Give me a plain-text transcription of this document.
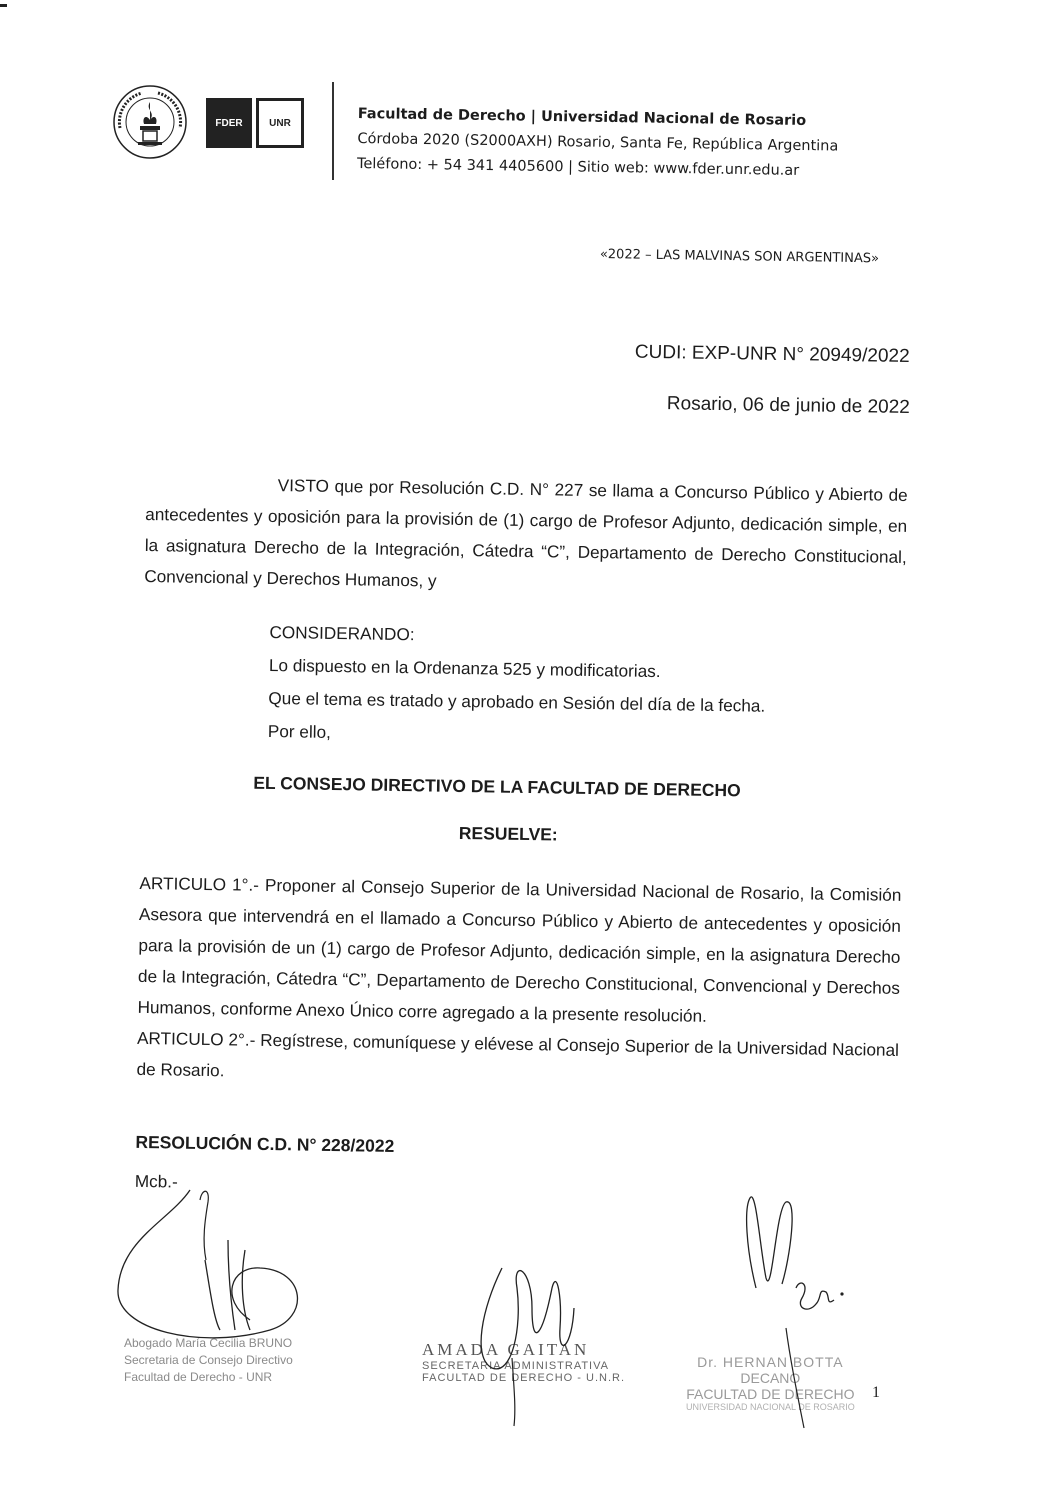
FDER	UNR	Facultad de Derecho | Universidad Nacional de Rosario
Córdoba 2020 (S2000AXH) Rosario, Santa Fe, República Argentina
Teléfono: + 54 341 4405600 | Sitio web: www.fder.unr.edu.ar
«2022 – LAS MALVINAS SON ARGENTINAS»
CUDI: EXP-UNR N° 20949/2022
Rosario, 06 de junio de 2022

VISTO que por Resolución C.D. N° 227 se llama a Concurso Público y Abierto de antecedentes y oposición para la provisión de (1) cargo de Profesor Adjunto, dedicación simple, en la asignatura Derecho de la Integración, Cátedra “C”, Departamento de Derecho Constitucional, Convencional y Derechos Humanos, y

CONSIDERANDO:

Lo dispuesto en la Ordenanza 525 y modificatorias.

Que el tema es tratado y aprobado en Sesión del día de la fecha.

Por ello,

EL CONSEJO DIRECTIVO DE LA FACULTAD DE DERECHO

RESUELVE:

ARTICULO 1°.- Proponer al Consejo Superior de la Universidad Nacional de Rosario, la Comisión Asesora que intervendrá en el llamado a Concurso Público y Abierto de antecedentes y oposición para la provisión de un (1) cargo de Profesor Adjunto, dedicación simple, en la asignatura Derecho de la Integración, Cátedra “C”, Departamento de Derecho Constitucional, Convencional y Derechos Humanos, conforme Anexo Único corre agregado a la presente resolución.

ARTICULO 2°.- Regístrese, comuníquese y elévese al Consejo Superior de la Universidad Nacional de Rosario.

RESOLUCIÓN C.D. N° 228/2022

Mcb.-

Abogado María Cecilia BRUNO
Secretaria de Consejo Directivo
Facultad de Derecho - UNR
AMADA GAITAN
SECRETARIA ADMINISTRATIVA
FACULTAD DE DERECHO - U.N.R.
Dr. HERNAN BOTTA
DECANO
FACULTAD DE DERECHO
UNIVERSIDAD NACIONAL DE ROSARIO
1
